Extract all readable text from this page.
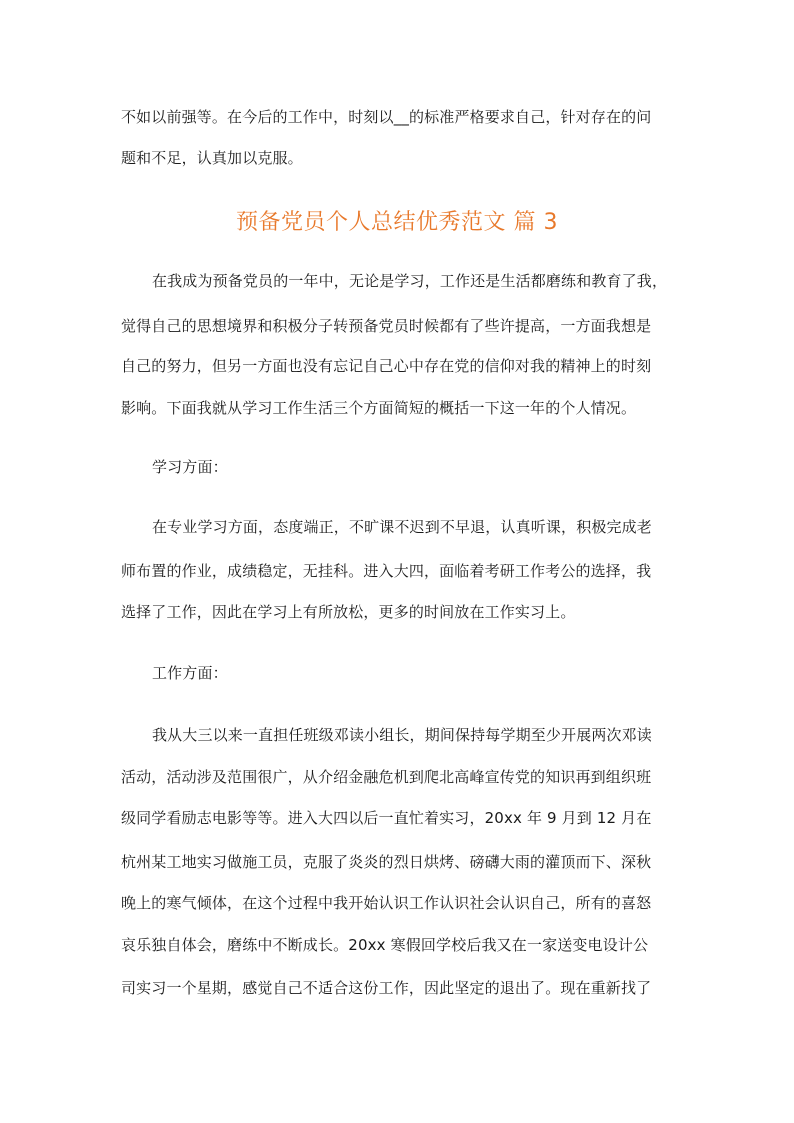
不如以前强等。在今后的工作中，时刻以__的标准严格要求自己，针对存在的问
题和不足，认真加以克服。
预备党员个人总结优秀范文 篇 3
在我成为预备党员的一年中，无论是学习，工作还是生活都磨练和教育了我，
觉得自己的思想境界和积极分子转预备党员时候都有了些许提高，一方面我想是
自己的努力，但另一方面也没有忘记自己心中存在党的信仰对我的精神上的时刻
影响。下面我就从学习工作生活三个方面简短的概括一下这一年的个人情况。
学习方面：
在专业学习方面，态度端正，不旷课不迟到不早退，认真听课，积极完成老
师布置的作业，成绩稳定，无挂科。进入大四，面临着考研工作考公的选择，我
选择了工作，因此在学习上有所放松，更多的时间放在工作实习上。
工作方面：
我从大三以来一直担任班级邓读小组长，期间保持每学期至少开展两次邓读
活动，活动涉及范围很广，从介绍金融危机到爬北高峰宣传党的知识再到组织班
级同学看励志电影等等。进入大四以后一直忙着实习，20xx 年 9 月到 12 月在
杭州某工地实习做施工员，克服了炎炎的烈日烘烤、磅礴大雨的灌顶而下、深秋
晚上的寒气倾体，在这个过程中我开始认识工作认识社会认识自己，所有的喜怒
哀乐独自体会，磨练中不断成长。20xx 寒假回学校后我又在一家送变电设计公
司实习一个星期，感觉自己不适合这份工作，因此坚定的退出了。现在重新找了
